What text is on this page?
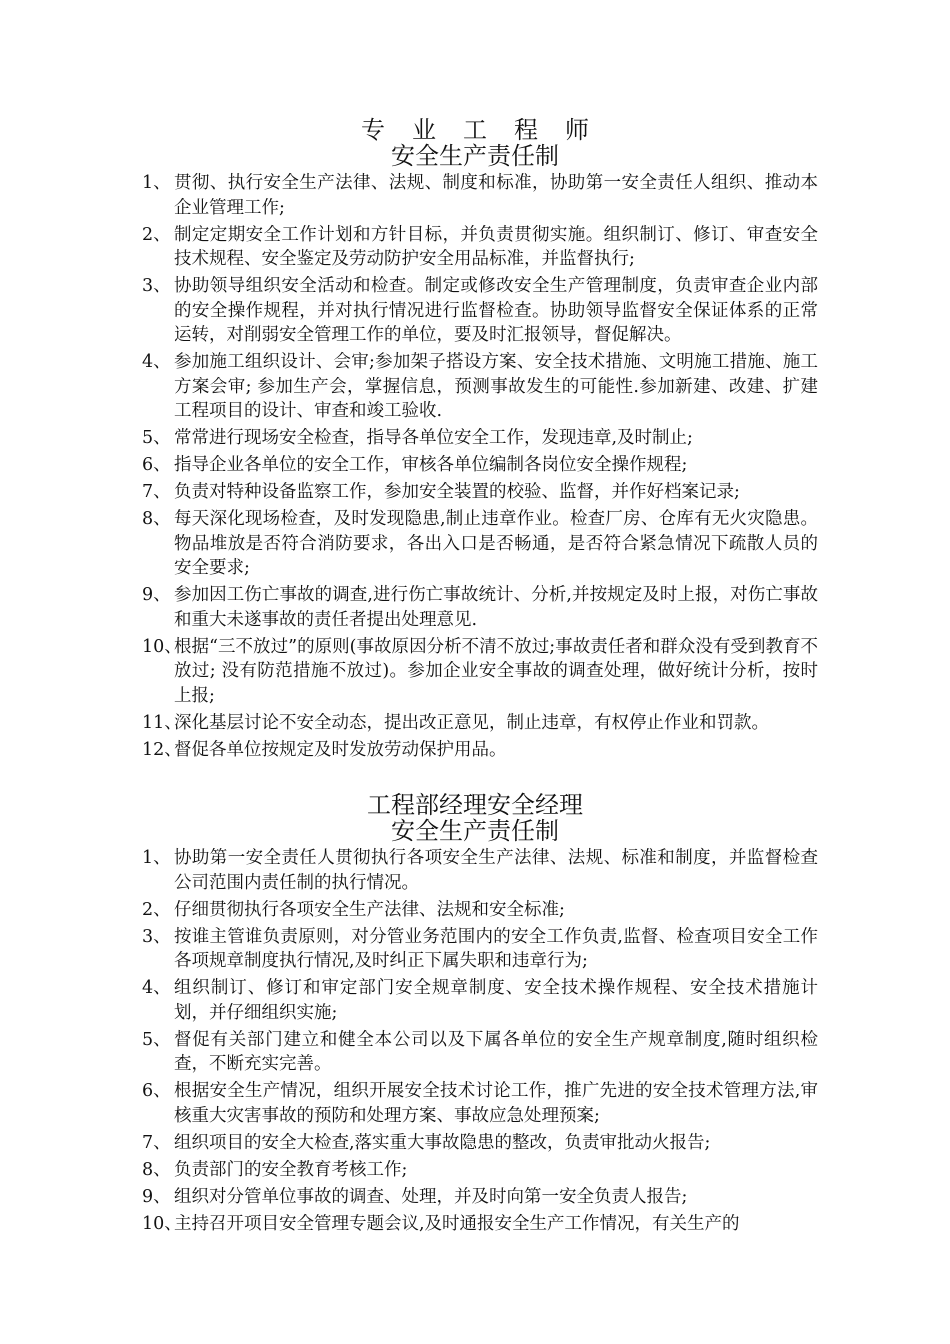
专业工程师
安全生产责任制
1、 贯彻、执行安全生产法律、法规、制度和标准，协助第一安全责任人组织、推动本企业管理工作;
2、 制定定期安全工作计划和方针目标，并负责贯彻实施。组织制订、修订、审查安全技术规程、安全鉴定及劳动防护安全用品标准，并监督执行;
3、 协助领导组织安全活动和检查。制定或修改安全生产管理制度，负责审查企业内部的安全操作规程，并对执行情况进行监督检查。协助领导监督安全保证体系的正常运转，对削弱安全管理工作的单位，要及时汇报领导，督促解决。
4、 参加施工组织设计、会审;参加架子搭设方案、安全技术措施、文明施工措施、施工方案会审; 参加生产会，掌握信息，预测事故发生的可能性.参加新建、改建、扩建工程项目的设计、审查和竣工验收.
5、 常常进行现场安全检查，指导各单位安全工作，发现违章,及时制止;
6、 指导企业各单位的安全工作，审核各单位编制各岗位安全操作规程;
7、 负责对特种设备监察工作，参加安全装置的校验、监督，并作好档案记录;
8、 每天深化现场检查，及时发现隐患,制止违章作业。检查厂房、仓库有无火灾隐患。物品堆放是否符合消防要求，各出入口是否畅通，是否符合紧急情况下疏散人员的安全要求;
9、 参加因工伤亡事故的调查,进行伤亡事故统计、分析,并按规定及时上报，对伤亡事故和重大未遂事故的责任者提出处理意见.
10、
根据“三不放过”的原则(事故原因分析不清不放过;事故责任者和群众没有受到教育不放过; 没有防范措施不放过)。参加企业安全事故的调查处理，做好统计分析，按时上报;
11、
深化基层讨论不安全动态，提出改正意见，制止违章，有权停止作业和罚款。
12、
督促各单位按规定及时发放劳动保护用品。
工程部经理安全经理
安全生产责任制
1、 协助第一安全责任人贯彻执行各项安全生产法律、法规、标准和制度，并监督检查公司范围内责任制的执行情况。
2、 仔细贯彻执行各项安全生产法律、法规和安全标准;
3、 按谁主管谁负责原则，对分管业务范围内的安全工作负责,监督、检查项目安全工作各项规章制度执行情况,及时纠正下属失职和违章行为;
4、 组织制订、修订和审定部门安全规章制度、安全技术操作规程、安全技术措施计划，并仔细组织实施;
5、 督促有关部门建立和健全本公司以及下属各单位的安全生产规章制度,随时组织检查，不断充实完善。
6、 根据安全生产情况，组织开展安全技术讨论工作，推广先进的安全技术管理方法,审核重大灾害事故的预防和处理方案、事故应急处理预案;
7、 组织项目的安全大检查,落实重大事故隐患的整改，负责审批动火报告;
8、 负责部门的安全教育考核工作;
9、 组织对分管单位事故的调查、处理，并及时向第一安全负责人报告;
10、
主持召开项目安全管理专题会议,及时通报安全生产工作情况，有关生产的
